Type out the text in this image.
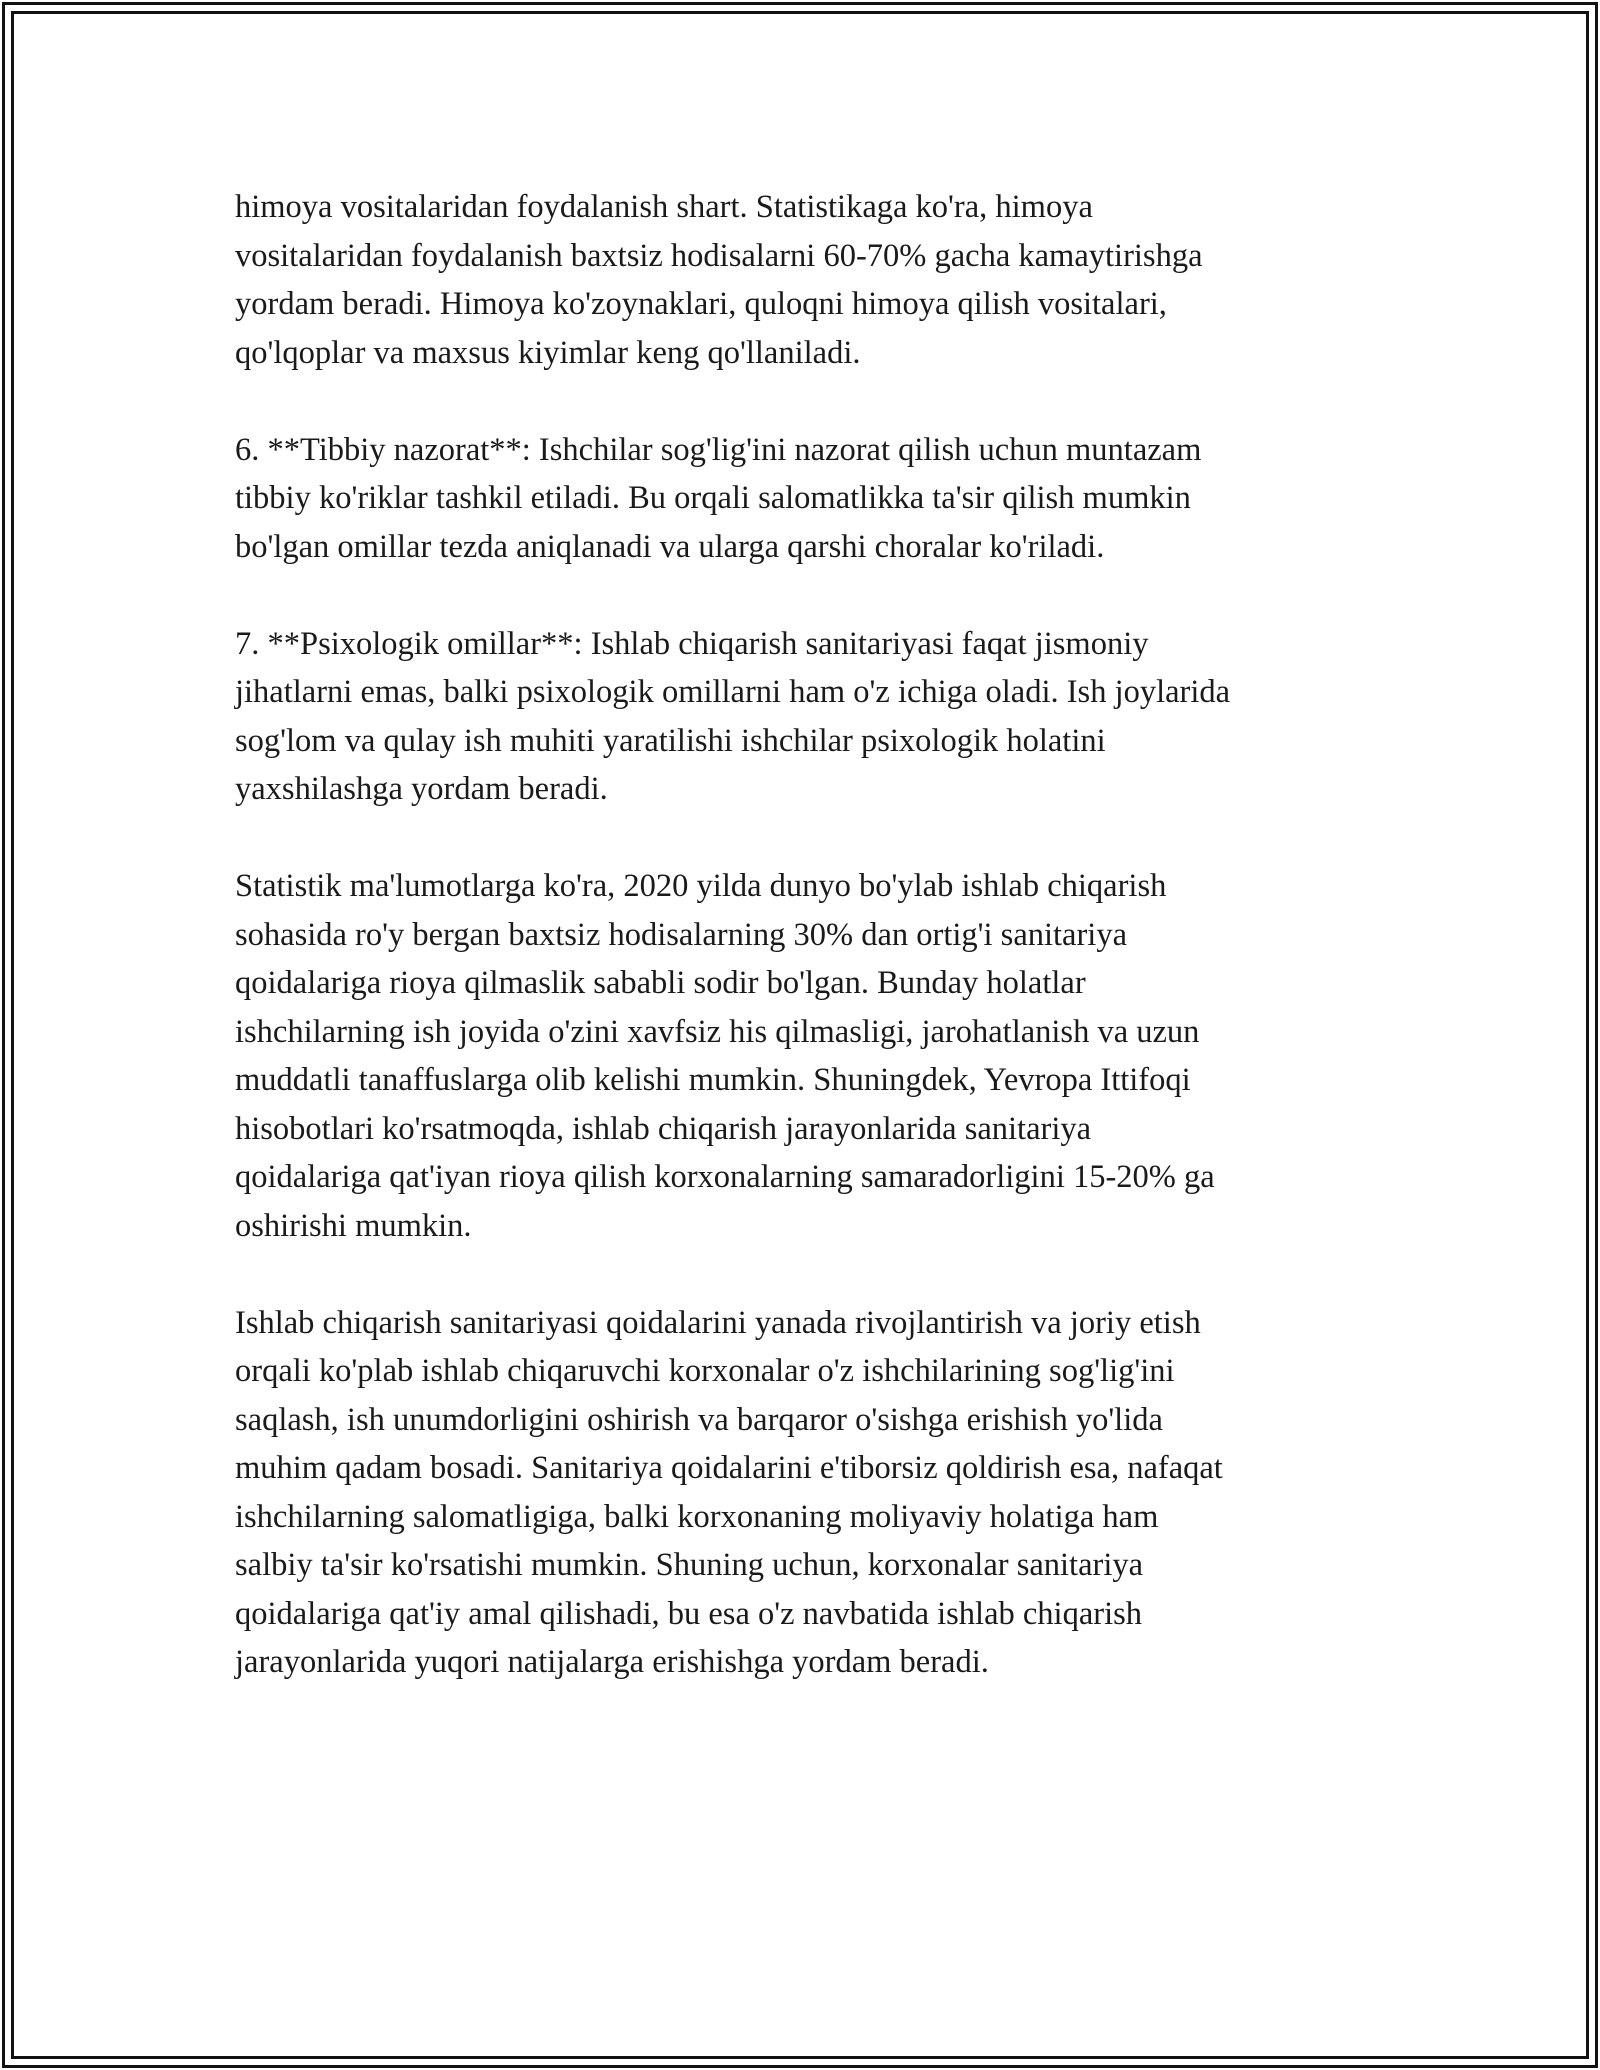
himoya vositalaridan foydalanish shart. Statistikaga ko'ra, himoya
vositalaridan foydalanish baxtsiz hodisalarni 60-70% gacha kamaytirishga
yordam beradi. Himoya ko'zoynaklari, quloqni himoya qilish vositalari,
qo'lqoplar va maxsus kiyimlar keng qo'llaniladi.

6. **Tibbiy nazorat**: Ishchilar sog'lig'ini nazorat qilish uchun muntazam
tibbiy ko'riklar tashkil etiladi. Bu orqali salomatlikka ta'sir qilish mumkin
bo'lgan omillar tezda aniqlanadi va ularga qarshi choralar ko'riladi.

7. **Psixologik omillar**: Ishlab chiqarish sanitariyasi faqat jismoniy
jihatlarni emas, balki psixologik omillarni ham o'z ichiga oladi. Ish joylarida
sog'lom va qulay ish muhiti yaratilishi ishchilar psixologik holatini
yaxshilashga yordam beradi.

Statistik ma'lumotlarga ko'ra, 2020 yilda dunyo bo'ylab ishlab chiqarish
sohasida ro'y bergan baxtsiz hodisalarning 30% dan ortig'i sanitariya
qoidalariga rioya qilmaslik sababli sodir bo'lgan. Bunday holatlar
ishchilarning ish joyida o'zini xavfsiz his qilmasligi, jarohatlanish va uzun
muddatli tanaffuslarga olib kelishi mumkin. Shuningdek, Yevropa Ittifoqi
hisobotlari ko'rsatmoqda, ishlab chiqarish jarayonlarida sanitariya
qoidalariga qat'iyan rioya qilish korxonalarning samaradorligini 15-20% ga
oshirishi mumkin.

Ishlab chiqarish sanitariyasi qoidalarini yanada rivojlantirish va joriy etish
orqali ko'plab ishlab chiqaruvchi korxonalar o'z ishchilarining sog'lig'ini
saqlash, ish unumdorligini oshirish va barqaror o'sishga erishish yo'lida
muhim qadam bosadi. Sanitariya qoidalarini e'tiborsiz qoldirish esa, nafaqat
ishchilarning salomatligiga, balki korxonaning moliyaviy holatiga ham
salbiy ta'sir ko'rsatishi mumkin. Shuning uchun, korxonalar sanitariya
qoidalariga qat'iy amal qilishadi, bu esa o'z navbatida ishlab chiqarish
jarayonlarida yuqori natijalarga erishishga yordam beradi.
